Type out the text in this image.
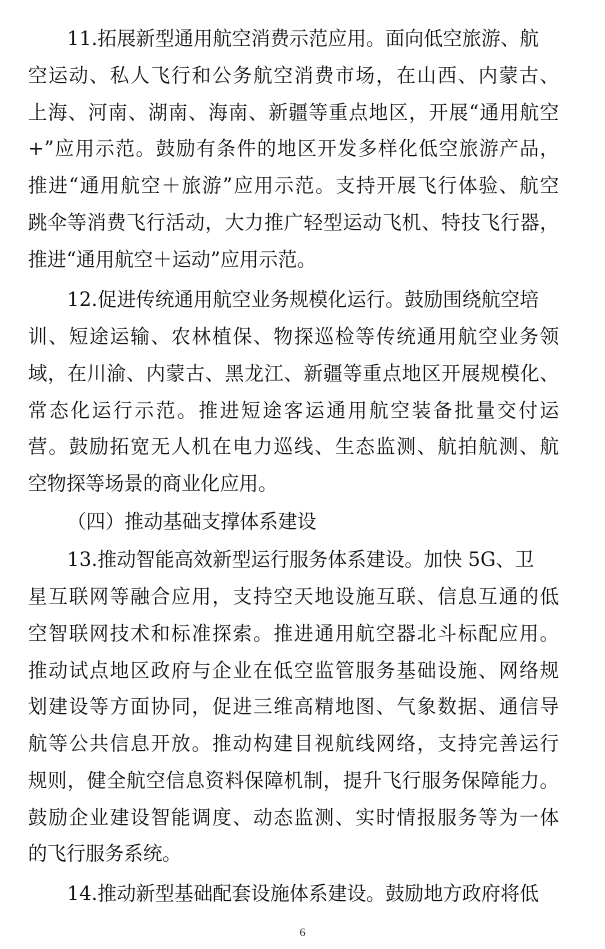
11.拓展新型通用航空消费示范应用。面向低空旅游、航
空运动、私人飞行和公务航空消费市场，在山西、内蒙古、
上海、河南、湖南、海南、新疆等重点地区，开展“通用航空
+”应用示范。鼓励有条件的地区开发多样化低空旅游产品，
推进“通用航空＋旅游”应用示范。支持开展飞行体验、航空
跳伞等消费飞行活动，大力推广轻型运动飞机、特技飞行器，
推进“通用航空＋运动”应用示范。
12.促进传统通用航空业务规模化运行。鼓励围绕航空培
训、短途运输、农林植保、物探巡检等传统通用航空业务领
域，在川渝、内蒙古、黑龙江、新疆等重点地区开展规模化、
常态化运行示范。推进短途客运通用航空装备批量交付运
营。鼓励拓宽无人机在电力巡线、生态监测、航拍航测、航
空物探等场景的商业化应用。
（四）推动基础支撑体系建设
13.推动智能高效新型运行服务体系建设。加快 5G、卫
星互联网等融合应用，支持空天地设施互联、信息互通的低
空智联网技术和标准探索。推进通用航空器北斗标配应用。
推动试点地区政府与企业在低空监管服务基础设施、网络规
划建设等方面协同，促进三维高精地图、气象数据、通信导
航等公共信息开放。推动构建目视航线网络，支持完善运行
规则，健全航空信息资料保障机制，提升飞行服务保障能力。
鼓励企业建设智能调度、动态监测、实时情报服务等为一体
的飞行服务系统。
14.推动新型基础配套设施体系建设。鼓励地方政府将低
6
